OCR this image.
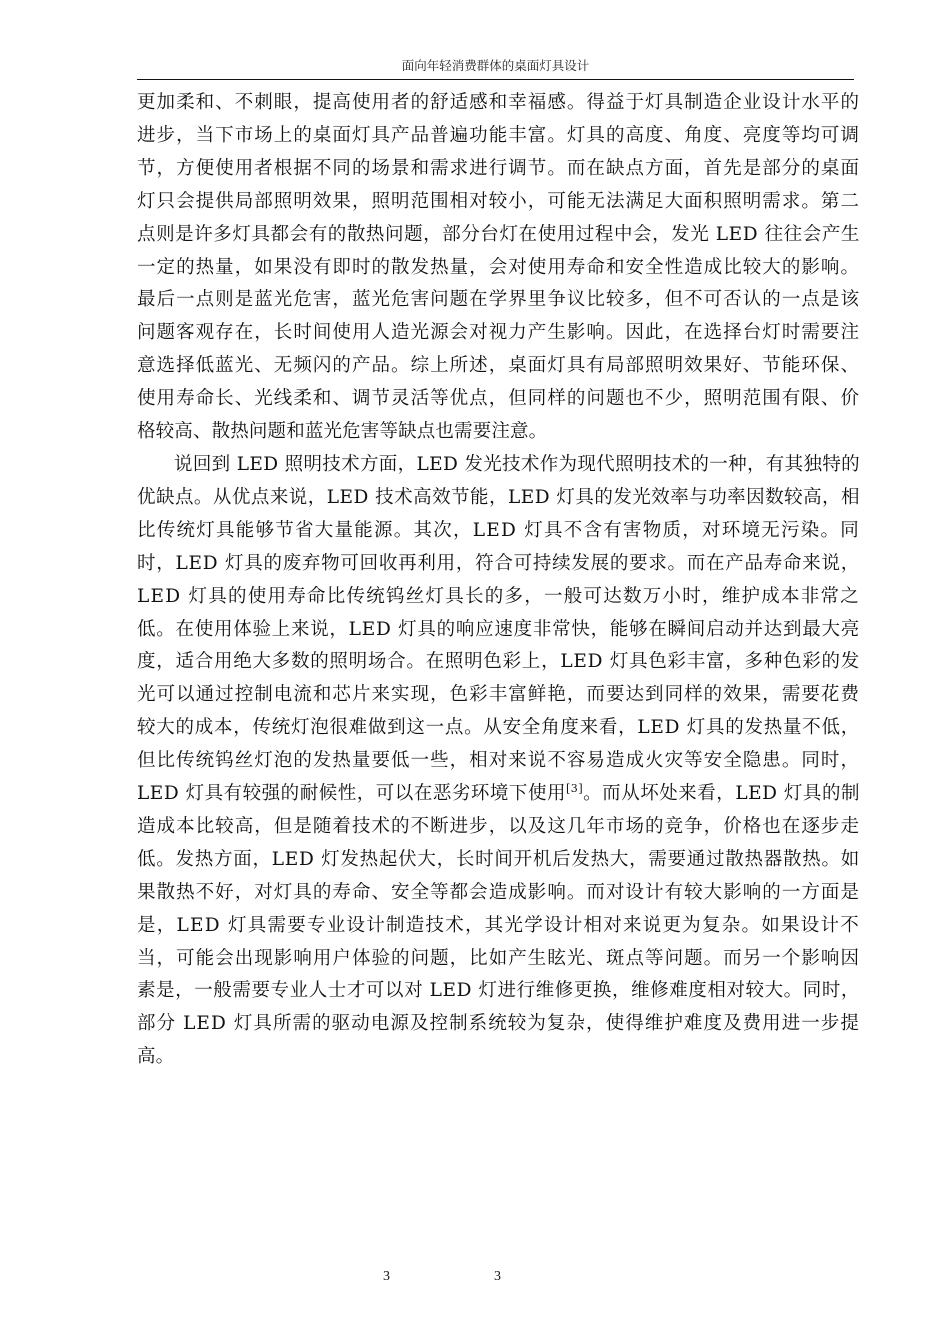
面向年轻消费群体的桌面灯具设计
更加柔和、不刺眼，提高使用者的舒适感和幸福感。得益于灯具制造企业设计水平的
进步，当下市场上的桌面灯具产品普遍功能丰富。灯具的高度、角度、亮度等均可调
节，方便使用者根据不同的场景和需求进行调节。而在缺点方面，首先是部分的桌面
灯只会提供局部照明效果，照明范围相对较小，可能无法满足大面积照明需求。第二
点则是许多灯具都会有的散热问题，部分台灯在使用过程中会，发光 LED 往往会产生
一定的热量，如果没有即时的散发热量，会对使用寿命和安全性造成比较大的影响。
最后一点则是蓝光危害，蓝光危害问题在学界里争议比较多，但不可否认的一点是该
问题客观存在，长时间使用人造光源会对视力产生影响。因此，在选择台灯时需要注
意选择低蓝光、无频闪的产品。综上所述，桌面灯具有局部照明效果好、节能环保、
使用寿命长、光线柔和、调节灵活等优点，但同样的问题也不少，照明范围有限、价
格较高、散热问题和蓝光危害等缺点也需要注意。
说回到 LED 照明技术方面，LED 发光技术作为现代照明技术的一种，有其独特的
优缺点。从优点来说，LED 技术高效节能，LED 灯具的发光效率与功率因数较高，相
比传统灯具能够节省大量能源。其次，LED 灯具不含有害物质，对环境无污染。同
时，LED 灯具的废弃物可回收再利用，符合可持续发展的要求。而在产品寿命来说，
LED 灯具的使用寿命比传统钨丝灯具长的多，一般可达数万小时，维护成本非常之
低。在使用体验上来说，LED 灯具的响应速度非常快，能够在瞬间启动并达到最大亮
度，适合用绝大多数的照明场合。在照明色彩上，LED 灯具色彩丰富，多种色彩的发
光可以通过控制电流和芯片来实现，色彩丰富鲜艳，而要达到同样的效果，需要花费
较大的成本，传统灯泡很难做到这一点。从安全角度来看，LED 灯具的发热量不低，
但比传统钨丝灯泡的发热量要低一些，相对来说不容易造成火灾等安全隐患。同时，
LED 灯具有较强的耐候性，可以在恶劣环境下使用[3]。而从坏处来看，LED 灯具的制
造成本比较高，但是随着技术的不断进步，以及这几年市场的竞争，价格也在逐步走
低。发热方面，LED 灯发热起伏大，长时间开机后发热大，需要通过散热器散热。如
果散热不好，对灯具的寿命、安全等都会造成影响。而对设计有较大影响的一方面是
是，LED 灯具需要专业设计制造技术，其光学设计相对来说更为复杂。如果设计不
当，可能会出现影响用户体验的问题，比如产生眩光、斑点等问题。而另一个影响因
素是，一般需要专业人士才可以对 LED 灯进行维修更换，维修难度相对较大。同时，
部分 LED 灯具所需的驱动电源及控制系统较为复杂，使得维护难度及费用进一步提
高。
3	3
